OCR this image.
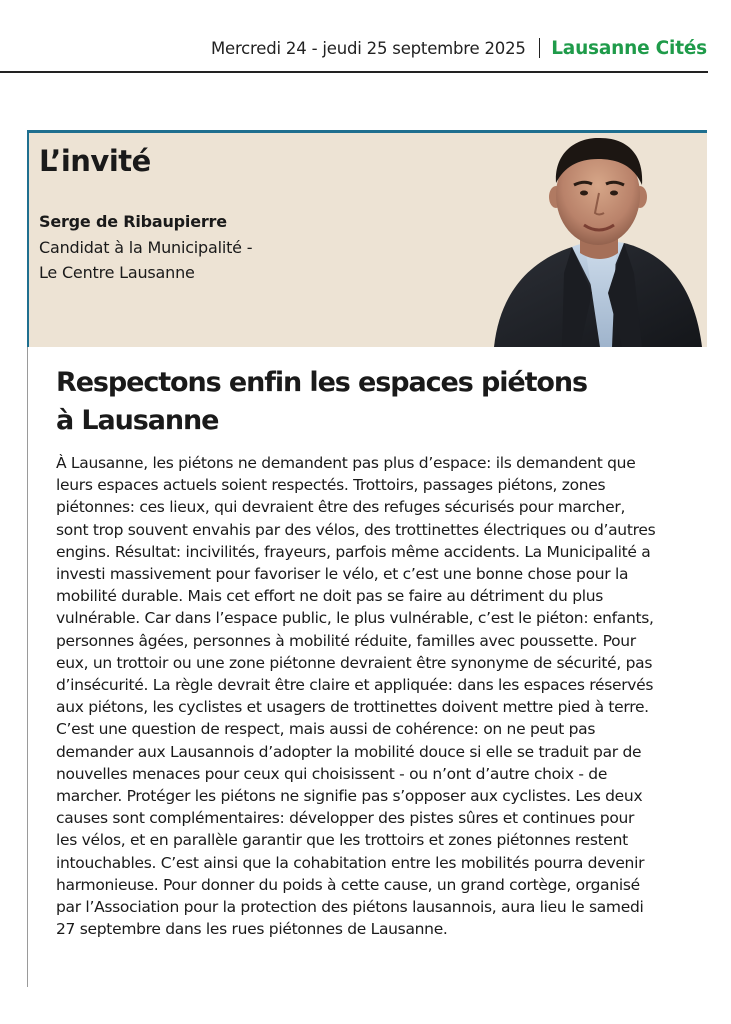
Mercredi 24 - jeudi 25 septembre 2025 Lausanne Cités
L’invité
Serge de Ribaupierre
Candidat à la Municipalité -
Le Centre Lausanne
Respectons enfin les espaces piétons
à Lausanne
À Lausanne, les piétons ne demandent pas plus d’espace: ils demandent que
leurs espaces actuels soient respectés. Trottoirs, passages piétons, zones
piétonnes: ces lieux, qui devraient être des refuges sécurisés pour marcher,
sont trop souvent envahis par des vélos, des trottinettes électriques ou d’autres
engins. Résultat: incivilités, frayeurs, parfois même accidents. La Municipalité a
investi massivement pour favoriser le vélo, et c’est une bonne chose pour la
mobilité durable. Mais cet effort ne doit pas se faire au détriment du plus
vulnérable. Car dans l’espace public, le plus vulnérable, c’est le piéton: enfants,
personnes âgées, personnes à mobilité réduite, familles avec poussette. Pour
eux, un trottoir ou une zone piétonne devraient être synonyme de sécurité, pas
d’insécurité. La règle devrait être claire et appliquée: dans les espaces réservés
aux piétons, les cyclistes et usagers de trottinettes doivent mettre pied à terre.
C’est une question de respect, mais aussi de cohérence: on ne peut pas
demander aux Lausannois d’adopter la mobilité douce si elle se traduit par de
nouvelles menaces pour ceux qui choisissent - ou n’ont d’autre choix - de
marcher. Protéger les piétons ne signifie pas s’opposer aux cyclistes. Les deux
causes sont complémentaires: développer des pistes sûres et continues pour
les vélos, et en parallèle garantir que les trottoirs et zones piétonnes restent
intouchables. C’est ainsi que la cohabitation entre les mobilités pourra devenir
harmonieuse. Pour donner du poids à cette cause, un grand cortège, organisé
par l’Association pour la protection des piétons lausannois, aura lieu le samedi
27 septembre dans les rues piétonnes de Lausanne.
